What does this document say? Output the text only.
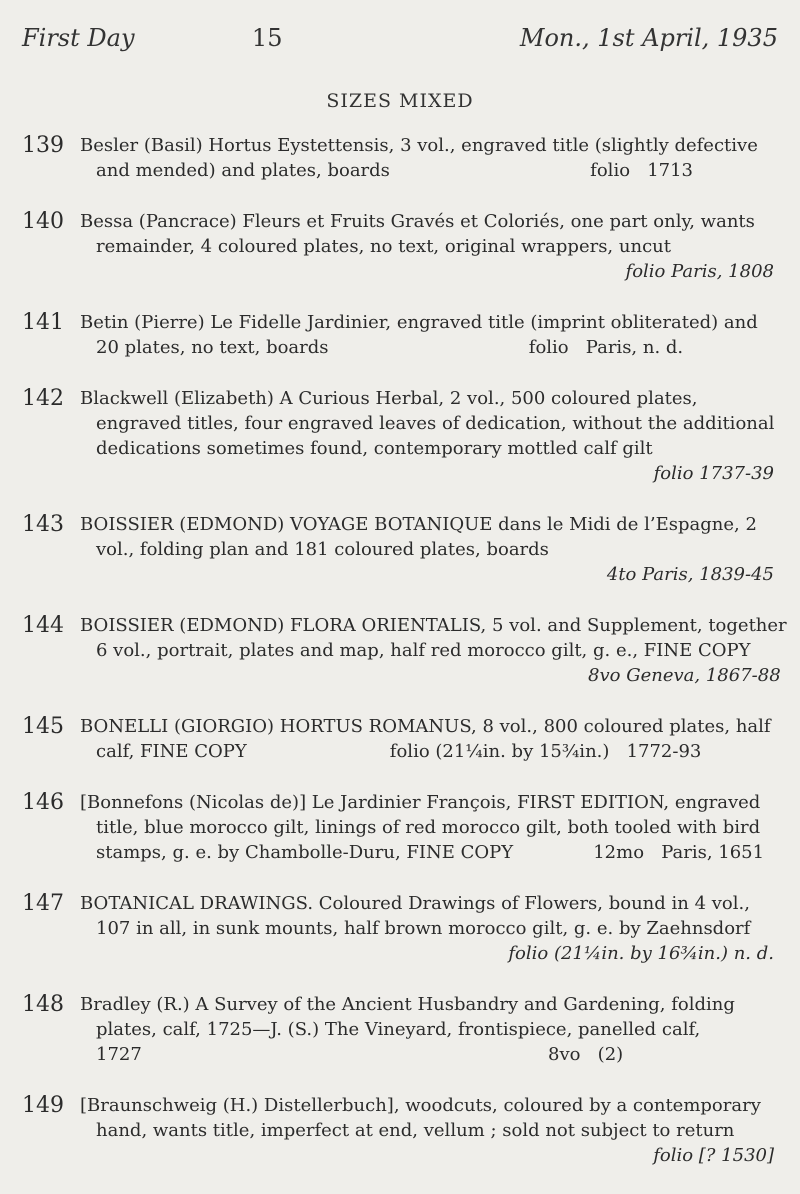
First Day	15	Mon., 1st April, 1935
SIZES MIXED
139 Besler (Basil) Hortus Eystettensis, 3 vol., engraved title (slightly defective
and mended) and plates, boards                                   folio   1713
140 Bessa (Pancrace) Fleurs et Fruits Gravés et Coloriés, one part only, wants
remainder, 4 coloured plates, no text, original wrappers, uncut
folio Paris, 1808
141 Betin (Pierre) Le Fidelle Jardinier, engraved title (imprint obliterated) and
20 plates, no text, boards                                   folio   Paris, n. d.
142 Blackwell (Elizabeth) A Curious Herbal, 2 vol., 500 coloured plates,
engraved titles, four engraved leaves of dedication, without the additional
dedications sometimes found, contemporary mottled calf gilt
folio 1737-39
143 BOISSIER (EDMOND) VOYAGE BOTANIQUE dans le Midi de l’Espagne, 2
vol., folding plan and 181 coloured plates, boards
4to Paris, 1839-45
144 BOISSIER (EDMOND) FLORA ORIENTALIS, 5 vol. and Supplement, together
6 vol., portrait, plates and map, half red morocco gilt, g. e., FINE COPY
8vo Geneva, 1867-88
145 BONELLI (GIORGIO) HORTUS ROMANUS, 8 vol., 800 coloured plates, half
calf, FINE COPY                         folio (21¼in. by 15¾in.)   1772-93
146 [Bonnefons (Nicolas de)] Le Jardinier François, FIRST EDITION, engraved
title, blue morocco gilt, linings of red morocco gilt, both tooled with bird
stamps, g. e. by Chambolle-Duru, FINE COPY              12mo   Paris, 1651
147 BOTANICAL DRAWINGS. Coloured Drawings of Flowers, bound in 4 vol.,
107 in all, in sunk mounts, half brown morocco gilt, g. e. by Zaehnsdorf
folio (21¼in. by 16¾in.) n. d.
148 Bradley (R.) A Survey of the Ancient Husbandry and Gardening, folding
plates, calf, 1725—J. (S.) The Vineyard, frontispiece, panelled calf,
1727                                                                       8vo   (2)
149 [Braunschweig (H.) Distellerbuch], woodcuts, coloured by a contemporary
hand, wants title, imperfect at end, vellum ; sold not subject to return
folio [? 1530]
